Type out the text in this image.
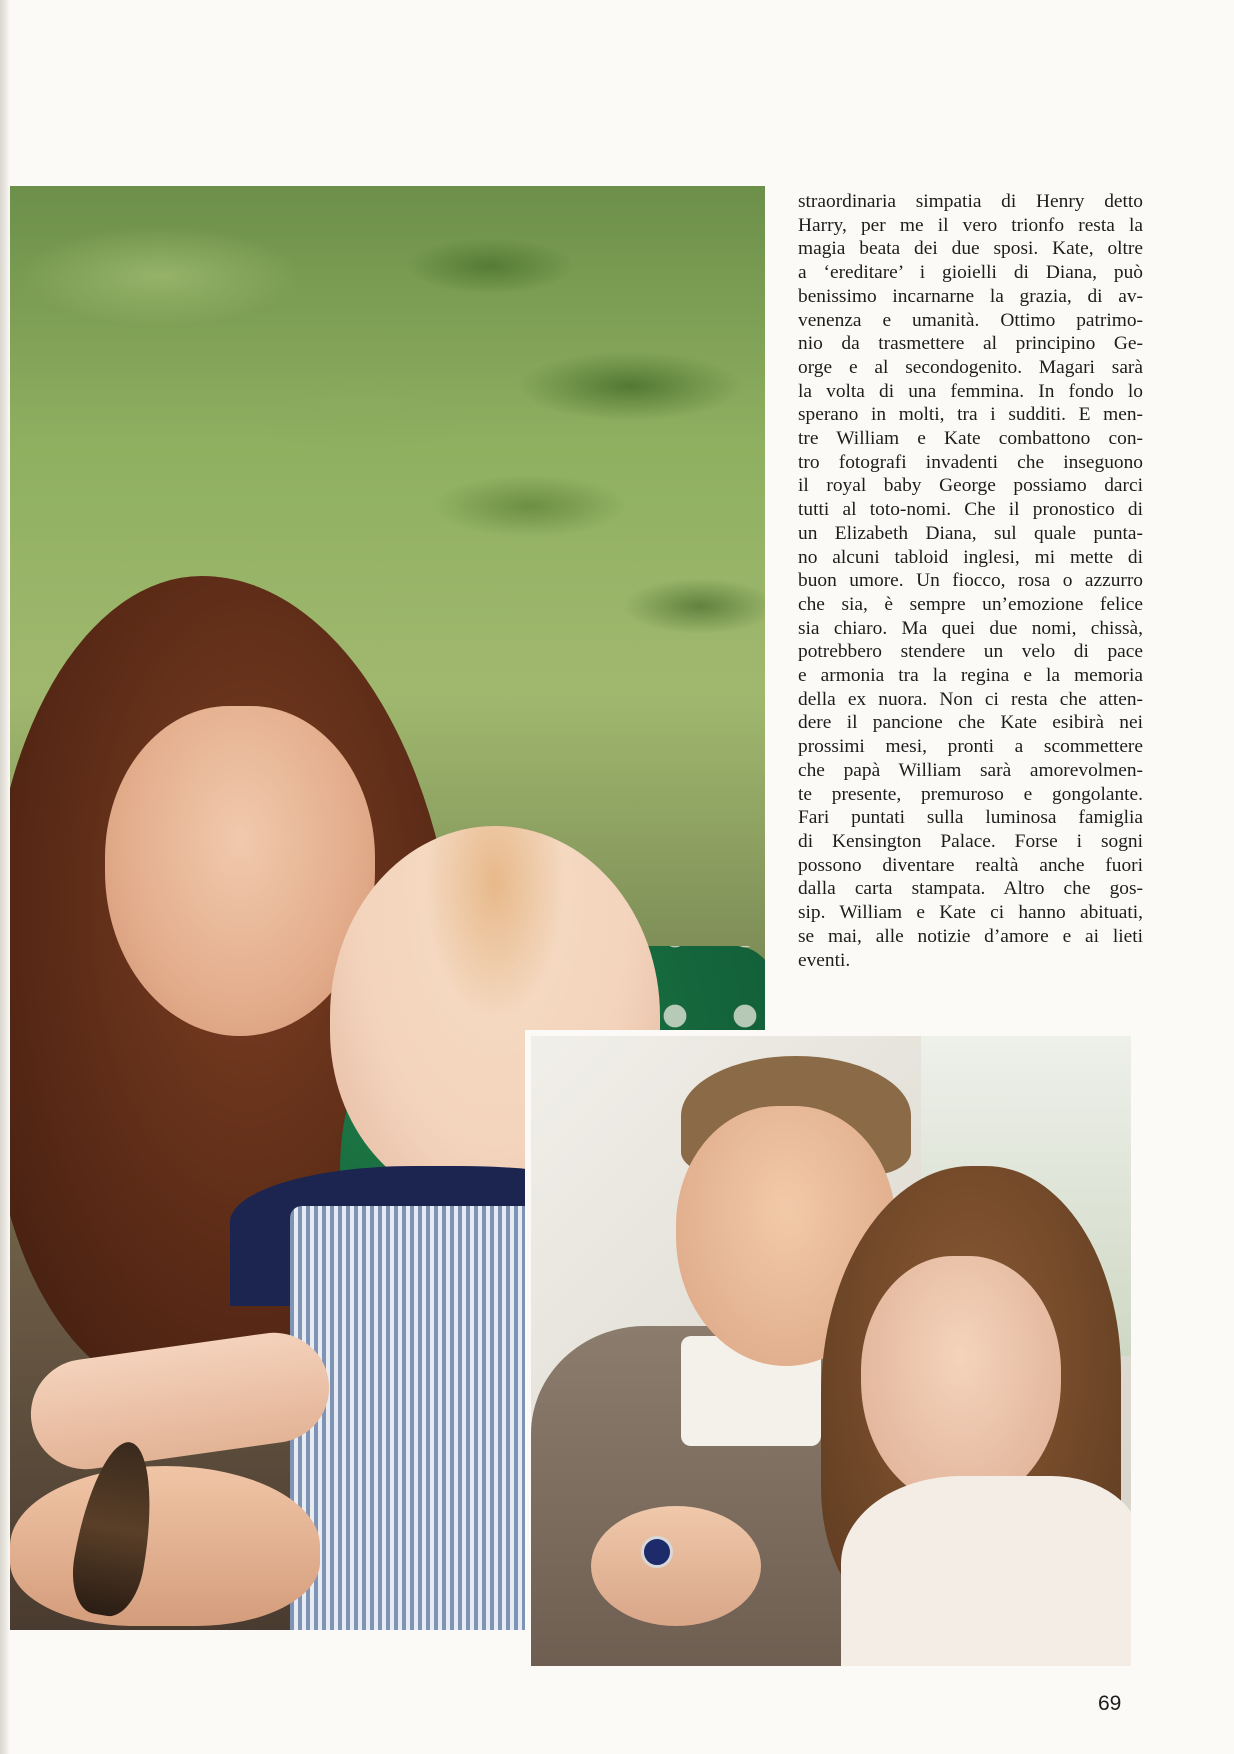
straordinaria simpatia di Henry detto
Harry, per me il vero trionfo resta la
magia beata dei due sposi. Kate, oltre
a ‘ereditare’ i gioielli di Diana, può
benissimo incarnarne la grazia, di av-
venenza e umanità. Ottimo patrimo-
nio da trasmettere al principino Ge-
orge e al secondogenito. Magari sarà
la volta di una femmina. In fondo lo
sperano in molti, tra i sudditi. E men-
tre William e Kate combattono con-
tro fotografi invadenti che inseguono
il royal baby George possiamo darci
tutti al toto-nomi. Che il pronostico di
un Elizabeth Diana, sul quale punta-
no alcuni tabloid inglesi, mi mette di
buon umore. Un fiocco, rosa o azzurro
che sia, è sempre un’emozione felice
sia chiaro. Ma quei due nomi, chissà,
potrebbero stendere un velo di pace
e armonia tra la regina e la memoria
della ex nuora. Non ci resta che atten-
dere il pancione che Kate esibirà nei
prossimi mesi, pronti a scommettere
che papà William sarà amorevolmen-
te presente, premuroso e gongolante.
Fari puntati sulla luminosa famiglia
di Kensington Palace. Forse i sogni
possono diventare realtà anche fuori
dalla carta stampata. Altro che gos-
sip. William e Kate ci hanno abituati,
se mai, alle notizie d’amore e ai lieti
eventi.
69
